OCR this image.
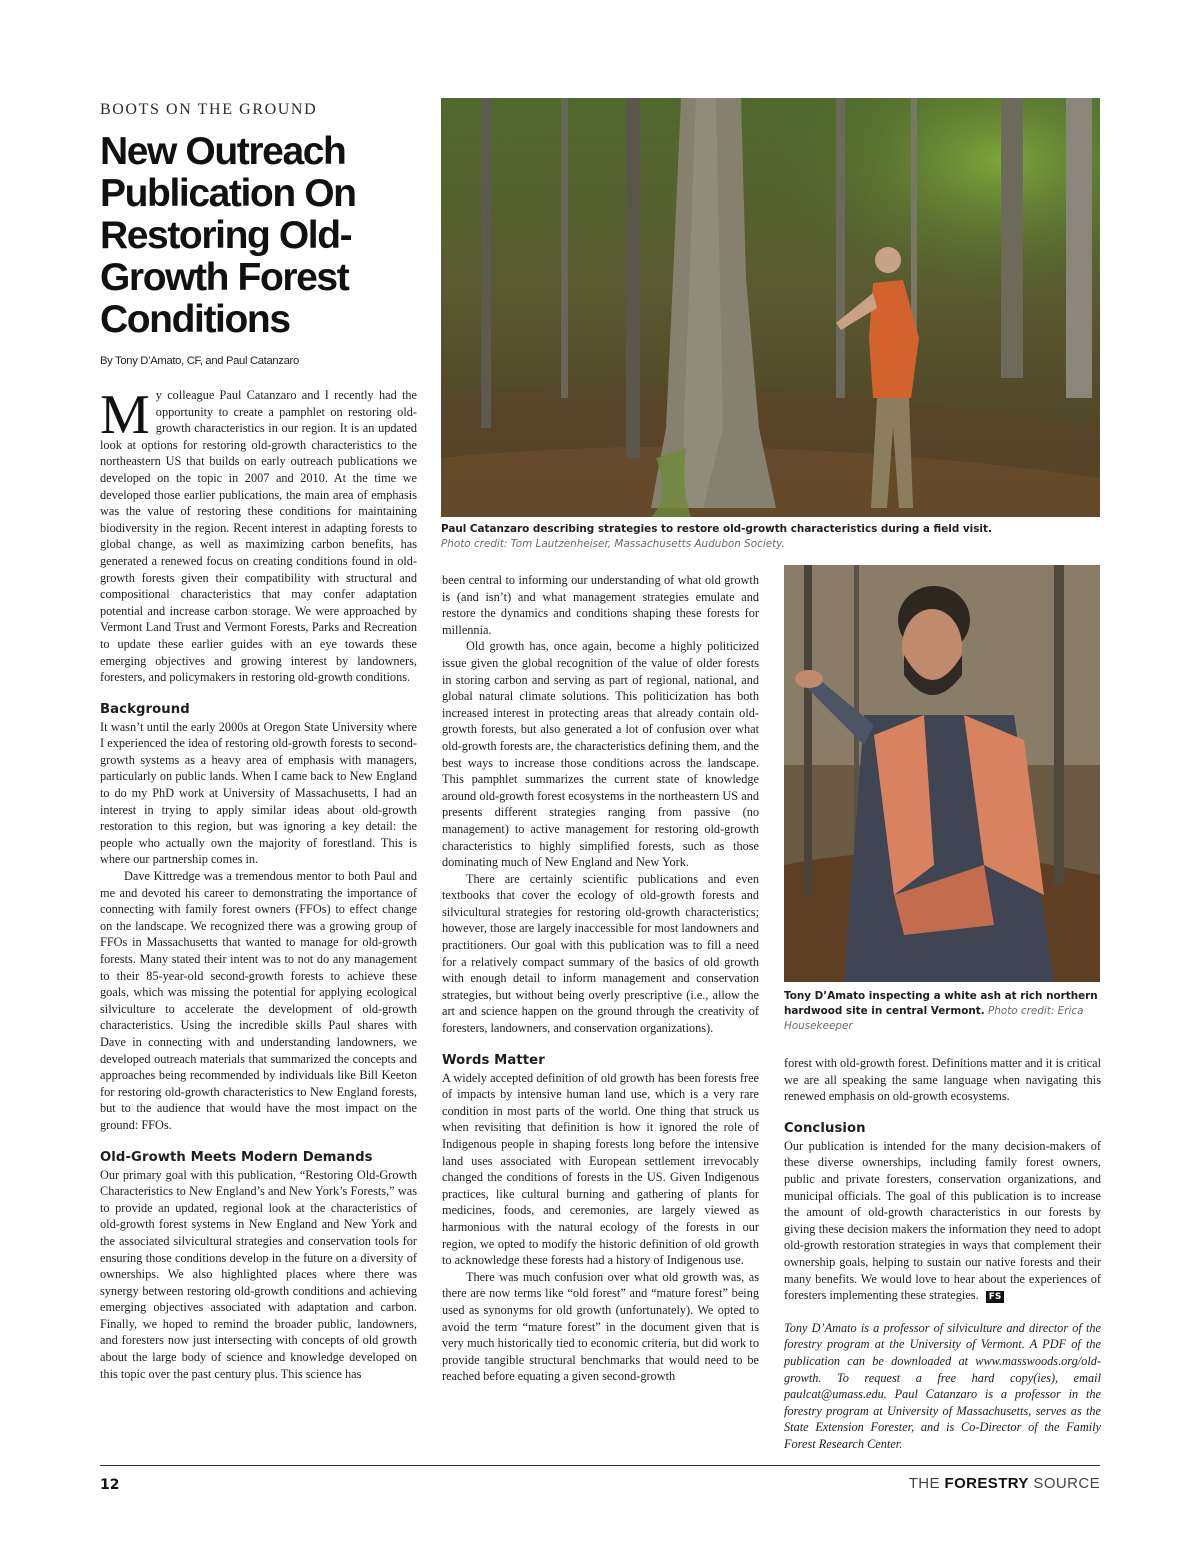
BOOTS ON THE GROUND
New Outreach Publication On Restoring Old-Growth Forest Conditions
By Tony D’Amato, CF, and Paul Catanzaro

My colleague Paul Catanzaro and I recently had the opportunity to create a pamphlet on restoring old-growth characteristics in our region. It is an updated look at options for restoring old-growth characteristics to the northeastern US that builds on early outreach publications we developed on the topic in 2007 and 2010. At the time we developed those earlier publications, the main area of emphasis was the value of restoring these conditions for maintaining biodiversity in the region. Recent interest in adapting forests to global change, as well as maximizing carbon benefits, has generated a renewed focus on creating conditions found in old-growth forests given their compatibility with structural and compositional characteristics that may confer adaptation potential and increase carbon storage. We were approached by Vermont Land Trust and Vermont Forests, Parks and Recreation to update these earlier guides with an eye towards these emerging objectives and growing interest by landowners, foresters, and policymakers in restoring old-growth conditions.

Background

It wasn’t until the early 2000s at Oregon State University where I experienced the idea of restoring old-growth forests to second-growth systems as a heavy area of emphasis with managers, particularly on public lands. When I came back to New England to do my PhD work at University of Massachusetts, I had an interest in trying to apply similar ideas about old-growth restoration to this region, but was ignoring a key detail: the people who actually own the majority of forestland. This is where our partnership comes in.

Dave Kittredge was a tremendous mentor to both Paul and me and devoted his career to demonstrating the importance of connecting with family forest owners (FFOs) to effect change on the landscape. We recognized there was a growing group of FFOs in Massachusetts that wanted to manage for old-growth forests. Many stated their intent was to not do any management to their 85-year-old second-growth forests to achieve these goals, which was missing the potential for applying ecological silviculture to accelerate the development of old-growth characteristics. Using the incredible skills Paul shares with Dave in connecting with and understanding landowners, we developed outreach materials that summarized the concepts and approaches being recommended by individuals like Bill Keeton for restoring old-growth characteristics to New England forests, but to the audience that would have the most impact on the ground: FFOs.

Old-Growth Meets Modern Demands

Our primary goal with this publication, “Restoring Old-Growth Characteristics to New England’s and New York’s Forests,” was to provide an updated, regional look at the characteristics of old-growth forest systems in New England and New York and the associated silvicultural strategies and conservation tools for ensuring those conditions develop in the future on a diversity of ownerships. We also highlighted places where there was synergy between restoring old-growth conditions and achieving emerging objectives associated with adaptation and carbon. Finally, we hoped to remind the broader public, landowners, and foresters now just intersecting with concepts of old growth about the large body of science and knowledge developed on this topic over the past century plus. This science has

Paul Catanzaro describing strategies to restore old-growth characteristics during a field visit.
Photo credit: Tom Lautzenheiser, Massachusetts Audubon Society.

been central to informing our understanding of what old growth is (and isn’t) and what management strategies emulate and restore the dynamics and conditions shaping these forests for millennia.

Old growth has, once again, become a highly politicized issue given the global recognition of the value of older forests in storing carbon and serving as part of regional, national, and global natural climate solutions. This politicization has both increased interest in protecting areas that already contain old-growth forests, but also generated a lot of confusion over what old-growth forests are, the characteristics defining them, and the best ways to increase those conditions across the landscape. This pamphlet summarizes the current state of knowledge around old-growth forest ecosystems in the northeastern US and presents different strategies ranging from passive (no management) to active management for restoring old-growth characteristics to highly simplified forests, such as those dominating much of New England and New York.

There are certainly scientific publications and even textbooks that cover the ecology of old-growth forests and silvicultural strategies for restoring old-growth characteristics; however, those are largely inaccessible for most landowners and practitioners. Our goal with this publication was to fill a need for a relatively compact summary of the basics of old growth with enough detail to inform management and conservation strategies, but without being overly prescriptive (i.e., allow the art and science happen on the ground through the creativity of foresters, landowners, and conservation organizations).

Words Matter

A widely accepted definition of old growth has been forests free of impacts by intensive human land use, which is a very rare condition in most parts of the world. One thing that struck us when revisiting that definition is how it ignored the role of Indigenous people in shaping forests long before the intensive land uses associated with European settlement irrevocably changed the conditions of forests in the US. Given Indigenous practices, like cultural burning and gathering of plants for medicines, foods, and ceremonies, are largely viewed as harmonious with the natural ecology of the forests in our region, we opted to modify the historic definition of old growth to acknowledge these forests had a history of Indigenous use.

There was much confusion over what old growth was, as there are now terms like “old forest” and “mature forest” being used as synonyms for old growth (unfortunately). We opted to avoid the term “mature forest” in the document given that is very much historically tied to economic criteria, but did work to provide tangible structural benchmarks that would need to be reached before equating a given second-growth

Tony D’Amato inspecting a white ash at rich northern hardwood site in central Vermont. Photo credit: Erica Housekeeper

forest with old-growth forest. Definitions matter and it is critical we are all speaking the same language when navigating this renewed emphasis on old-growth ecosystems.

Conclusion

Our publication is intended for the many decision-makers of these diverse ownerships, including family forest owners, public and private foresters, conservation organizations, and municipal officials. The goal of this publication is to increase the amount of old-growth characteristics in our forests by giving these decision makers the information they need to adopt old-growth restoration strategies in ways that complement their ownership goals, helping to sustain our native forests and their many benefits. We would love to hear about the experiences of foresters implementing these strategies. FS

Tony D’Amato is a professor of silviculture and director of the forestry program at the University of Vermont. A PDF of the publication can be downloaded at www.masswoods.org/old-growth. To request a free hard copy(ies), email paulcat@umass.edu. Paul Catanzaro is a professor in the forestry program at University of Massachusetts, serves as the State Extension Forester, and is Co-Director of the Family Forest Research Center.

12	THE FORESTRY SOURCE
